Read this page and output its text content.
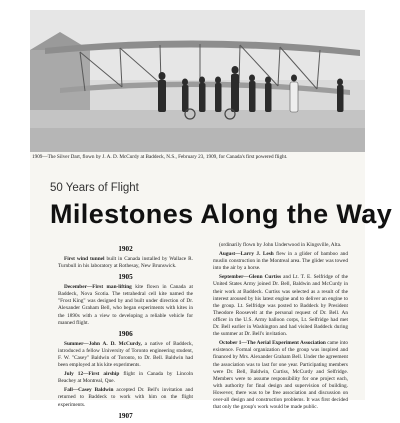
1909—The Silver Dart, flown by J. A. D. McCurdy at Baddeck, N.S., February 23, 1909, for Canada's first powered flight.
50 Years of Flight
Milestones Along the Way
1902
First wind tunnel built in Canada installed by Wallace R. Turnbull in his laboratory at Rothesay, New Brunswick.
1905
December—First man-lifting kite flown in Canada at Baddeck, Nova Scotia. The tetrahedral cell kite named the "Frost King" was designed by and built under direction of Dr. Alexander Graham Bell, who began experiments with kites in the 1890s with a view to developing a reliable vehicle for manned flight.
1906
Summer—John A. D. McCurdy, a native of Baddeck, introduced a fellow University of Toronto engineering student, F. W. "Casey" Baldwin of Toronto, to Dr. Bell. Baldwin had been employed at his kite experiments.
July 12—First airship flight in Canada by Lincoln Beachey at Montreal, Que.
Fall—Casey Baldwin accepted Dr. Bell's invitation and returned to Baddeck to work with him on the flight experiments.
1907
(ordinarily flown by John Underwood in Kingsville, Alta.
August—Larry J. Lesh flew in a glider of bamboo and muslin construction in the Montreal area. The glider was towed into the air by a horse.
September—Glenn Curtiss and Lt. T. E. Selfridge of the United States Army joined Dr. Bell, Baldwin and McCurdy in their work at Baddeck. Curtiss was selected as a result of the interest aroused by his latest engine and to deliver an engine to the group. Lt. Selfridge was posted to Baddeck by President Theodore Roosevelt at the personal request of Dr. Bell. An officer in the U.S. Army balloon corps, Lt. Selfridge had met Dr. Bell earlier in Washington and had visited Baddeck during the summer at Dr. Bell's invitation.
October 1—The Aerial Experiment Association came into existence. Formal organization of the group was inspired and financed by Mrs. Alexander Graham Bell. Under the agreement the association was to last for one year. Participating members were Dr. Bell, Baldwin, Curtiss, McCurdy and Selfridge. Members were to assume responsibility for one project each, with authority for final design and supervision of building. However, there was to be free association and discussion on over-all design and construction problems. It was first decided that only the group's work would be made public.
